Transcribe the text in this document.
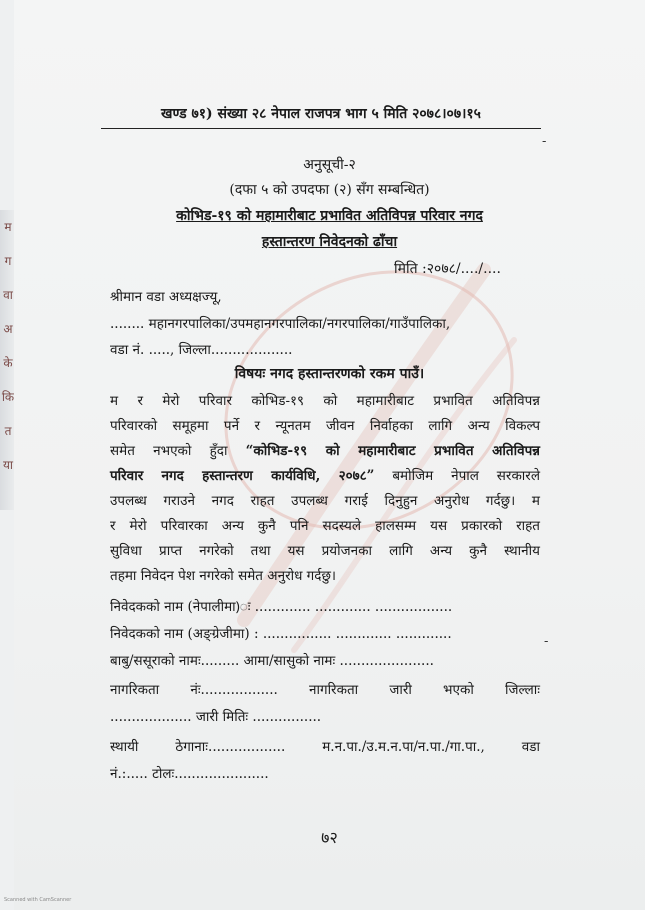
म ग वा अ के कि त या
खण्ड ७१) संख्या २८ नेपाल राजपत्र भाग ५ मिति २०७८।०७।१५
-
अनुसूची-२
(दफा ५ को उपदफा (२) सँग सम्बन्धित)
कोभिड-१९ को महामारीबाट प्रभावित अतिविपन्न परिवार नगद
हस्तान्तरण निवेदनको ढाँचा
मिति :२०७८/..../....
श्रीमान वडा अध्यक्षज्यू,
........ महानगरपालिका/उपमहानगरपालिका/नगरपालिका/गाउँपालिका,
वडा नं. ....., जिल्ला...................
विषयः नगद हस्तान्तरणको रकम पाउँ।
म र मेरो परिवार कोभिड-१९ को महामारीबाट प्रभावित अतिविपन्न
परिवारको समूहमा पर्ने र न्यूनतम जीवन निर्वाहका लागि अन्य विकल्प
समेत नभएको हुँदा “कोभिड-१९ को महामारीबाट प्रभावित अतिविपन्न
परिवार नगद हस्तान्तरण कार्यविधि, २०७८” बमोजिम नेपाल सरकारले
उपलब्ध गराउने नगद राहत उपलब्ध गराई दिनुहुन अनुरोध गर्दछु। म
र मेरो परिवारका अन्य कुनै पनि सदस्यले हालसम्म यस प्रकारको राहत
सुविधा प्राप्त नगरेको तथा यस प्रयोजनका लागि अन्य कुनै स्थानीय
तहमा निवेदन पेश नगरेको समेत अनुरोध गर्दछु।
निवेदकको नाम (नेपालीमा)ः ............. ............. ..................
निवेदकको नाम (अङ्ग्रेजीमा) : ................ ............. .............	-
बाबु/ससूराको नामः......... आमा/सासुको नामः ......................
नागरिकता नंः.................. नागरिकता जारी भएको जिल्लाः
................... जारी मितिः ................
स्थायी ठेगानाः.................. म.न.पा./उ.म.न.पा/न.पा./गा.पा., वडा
नं.:..... टोलः......................
७२
Scanned with CamScanner
